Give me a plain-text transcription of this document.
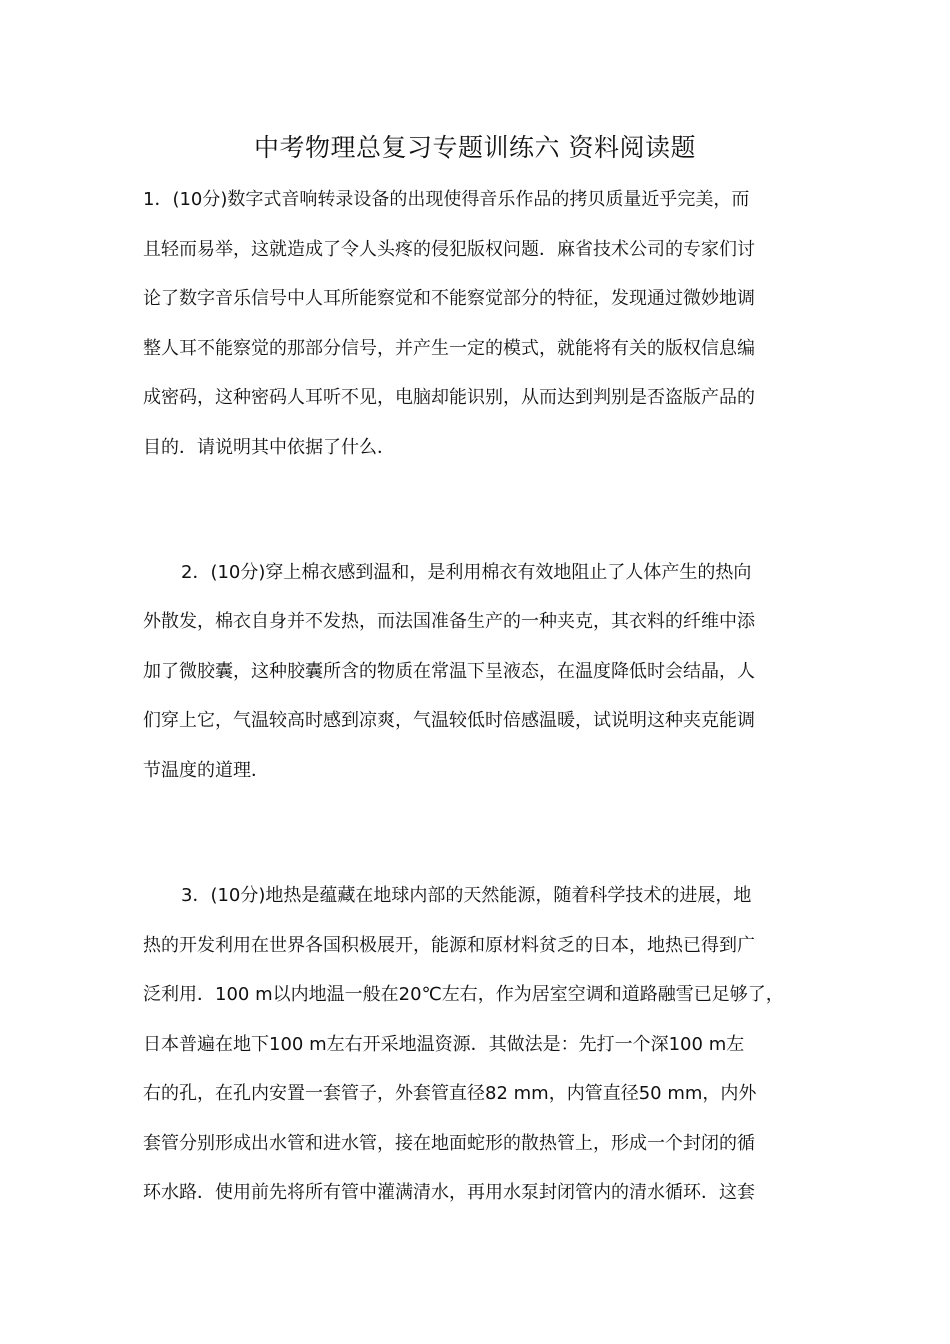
中考物理总复习专题训练六 资料阅读题
1．(10分)数字式音响转录设备的出现使得音乐作品的拷贝质量近乎完美，而
且轻而易举，这就造成了令人头疼的侵犯版权问题．麻省技术公司的专家们讨
论了数字音乐信号中人耳所能察觉和不能察觉部分的特征，发现通过微妙地调
整人耳不能察觉的那部分信号，并产生一定的模式，就能将有关的版权信息编
成密码，这种密码人耳听不见，电脑却能识别，从而达到判别是否盗版产品的
目的．请说明其中依据了什么．
2．(10分)穿上棉衣感到温和，是利用棉衣有效地阻止了人体产生的热向
外散发，棉衣自身并不发热，而法国准备生产的一种夹克，其衣料的纤维中添
加了微胶囊，这种胶囊所含的物质在常温下呈液态，在温度降低时会结晶，人
们穿上它，气温较高时感到凉爽，气温较低时倍感温暖，试说明这种夹克能调
节温度的道理．
3．(10分)地热是蕴藏在地球内部的天然能源，随着科学技术的进展，地
热的开发利用在世界各国积极展开，能源和原材料贫乏的日本，地热已得到广
泛利用．100 m以内地温一般在20℃左右，作为居室空调和道路融雪已足够了，
日本普遍在地下100 m左右开采地温资源．其做法是：先打一个深100 m左
右的孔，在孔内安置一套管子，外套管直径82 mm，内管直径50 mm，内外
套管分别形成出水管和进水管，接在地面蛇形的散热管上，形成一个封闭的循
环水路．使用前先将所有管中灌满清水，再用水泵封闭管内的清水循环．这套
